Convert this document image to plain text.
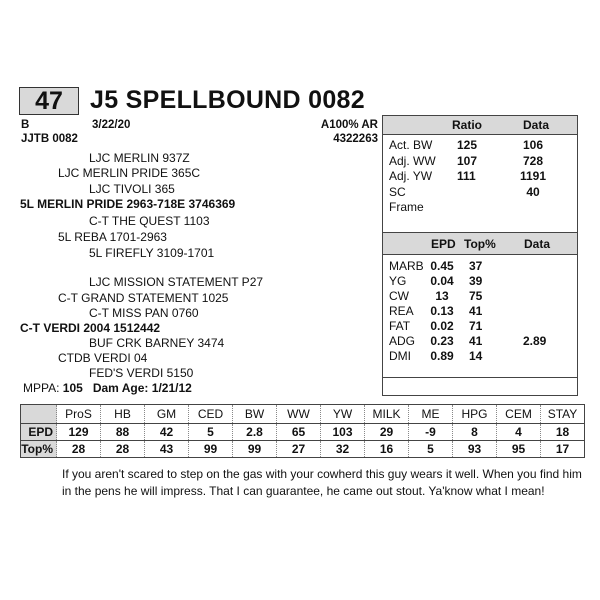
47	J5 SPELLBOUND 0082
B	3/22/20	A100% AR
JJTB 0082	4322263
LJC MERLIN 937Z
LJC MERLIN PRIDE 365C
LJC TIVOLI 365
5L MERLIN PRIDE 2963-718E 3746369
C-T THE QUEST 1103
5L REBA 1701-2963
5L FIREFLY 3109-1701
LJC MISSION STATEMENT P27
C-T GRAND STATEMENT 1025
C-T MISS PAN 0760
C-T VERDI 2004 1512442
BUF CRK BARNEY 3474
CTDB VERDI 04
FED'S VERDI 5150
MPPA: 105 Dam Age: 1/21/12
Ratio	Data
Act. BW 125	106
Adj. WW 107	728
Adj. YW 111	1191
SC	40
Frame
EPD Top% Data
MARB 0.45 37
YG 0.04 39
CW	13	75
REA 0.13 41
FAT 0.02 71
ADG 0.23 41	2.89
DMI 0.89 14
	ProS	HB	GM	CED	BW	WW	YW	MILK	ME	HPG	CEM	STAY
EPD	129	88	42	5	2.8	65	103	29	-9	8	4	18
Top%	28	28	43	99	99	27	32	16	5	93	95	17
If you aren't scared to step on the gas with your cowherd this guy wears it well. When you find him in the pens he will impress. That I can guarantee, he came out stout. Ya'know what I mean!
